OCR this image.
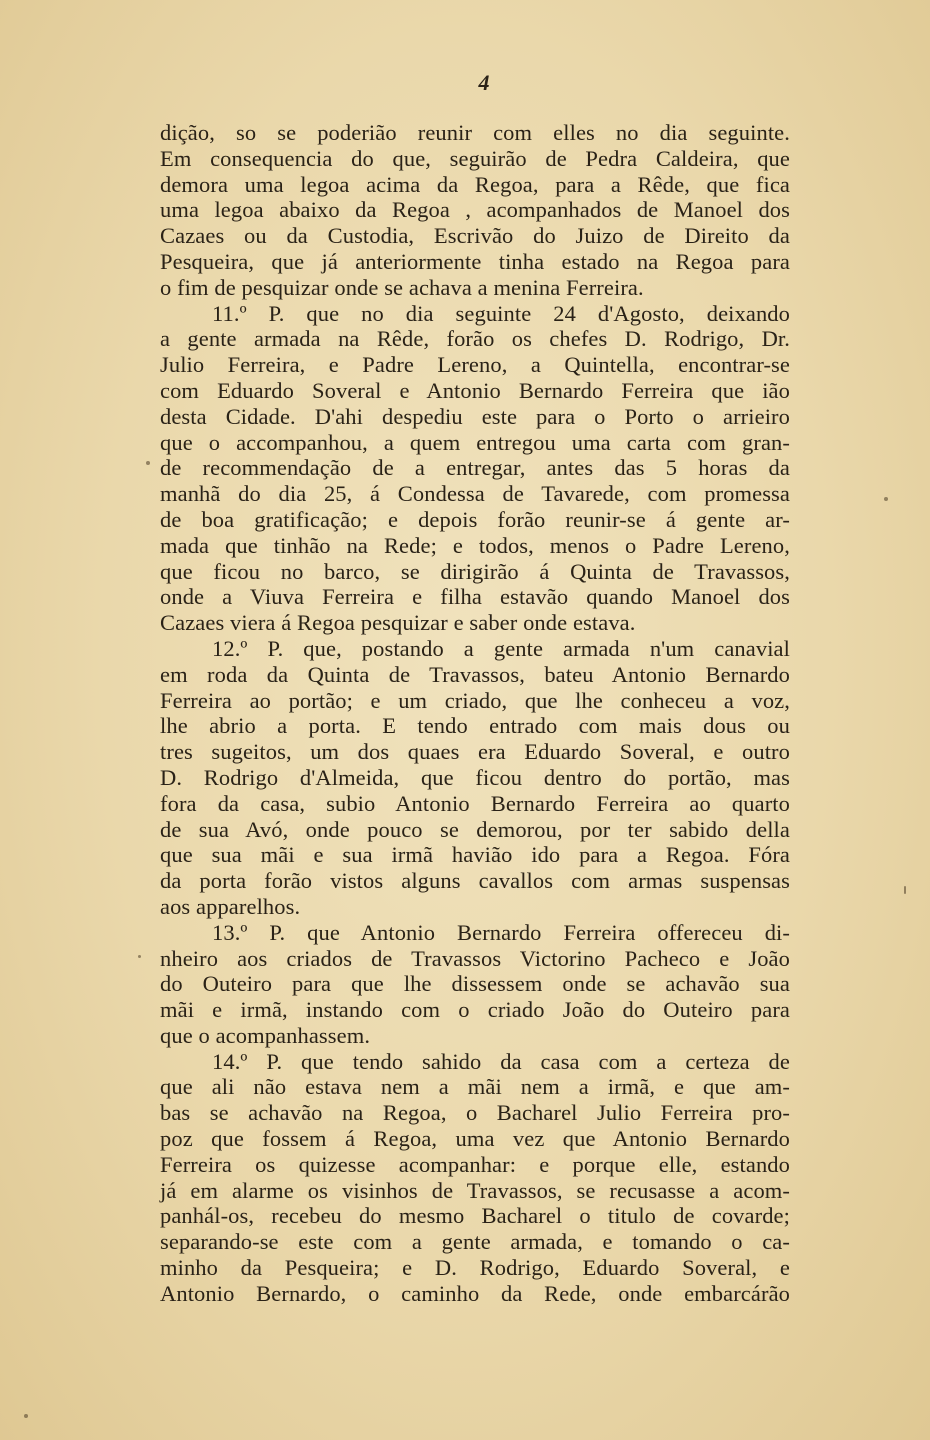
4
dição, so se poderião reunir com elles no dia seguinte.
Em consequencia do que, seguirão de Pedra Caldeira, que
demora uma legoa acima da Regoa, para a Rêde, que fica
uma legoa abaixo da Regoa , acompanhados de Manoel dos
Cazaes ou da Custodia, Escrivão do Juizo de Direito da
Pesqueira, que já anteriormente tinha estado na Regoa para
o fim de pesquizar onde se achava a menina Ferreira.
11.º P. que no dia seguinte 24 d'Agosto, deixando
a gente armada na Rêde, forão os chefes D. Rodrigo, Dr.
Julio Ferreira, e Padre Lereno, a Quintella, encontrar-se
com Eduardo Soveral e Antonio Bernardo Ferreira que ião
desta Cidade. D'ahi despediu este para o Porto o arrieiro
que o accompanhou, a quem entregou uma carta com gran-
de recommendação de a entregar, antes das 5 horas da
manhã do dia 25, á Condessa de Tavarede, com promessa
de boa gratificação; e depois forão reunir-se á gente ar-
mada que tinhão na Rede; e todos, menos o Padre Lereno,
que ficou no barco, se dirigirão á Quinta de Travassos,
onde a Viuva Ferreira e filha estavão quando Manoel dos
Cazaes viera á Regoa pesquizar e saber onde estava.
12.º P. que, postando a gente armada n'um canavial
em roda da Quinta de Travassos, bateu Antonio Bernardo
Ferreira ao portão; e um criado, que lhe conheceu a voz,
lhe abrio a porta. E tendo entrado com mais dous ou
tres sugeitos, um dos quaes era Eduardo Soveral, e outro
D. Rodrigo d'Almeida, que ficou dentro do portão, mas
fora da casa, subio Antonio Bernardo Ferreira ao quarto
de sua Avó, onde pouco se demorou, por ter sabido della
que sua mãi e sua irmã havião ido para a Regoa. Fóra
da porta forão vistos alguns cavallos com armas suspensas
aos apparelhos.
13.º P. que Antonio Bernardo Ferreira offereceu di-
nheiro aos criados de Travassos Victorino Pacheco e João
do Outeiro para que lhe dissessem onde se achavão sua
mãi e irmã, instando com o criado João do Outeiro para
que o acompanhassem.
14.º P. que tendo sahido da casa com a certeza de
que ali não estava nem a mãi nem a irmã, e que am-
bas se achavão na Regoa, o Bacharel Julio Ferreira pro-
poz que fossem á Regoa, uma vez que Antonio Bernardo
Ferreira os quizesse acompanhar: e porque elle, estando
já em alarme os visinhos de Travassos, se recusasse a acom-
panhál-os, recebeu do mesmo Bacharel o titulo de covarde;
separando-se este com a gente armada, e tomando o ca-
minho da Pesqueira; e D. Rodrigo, Eduardo Soveral, e
Antonio Bernardo, o caminho da Rede, onde embarcárão
